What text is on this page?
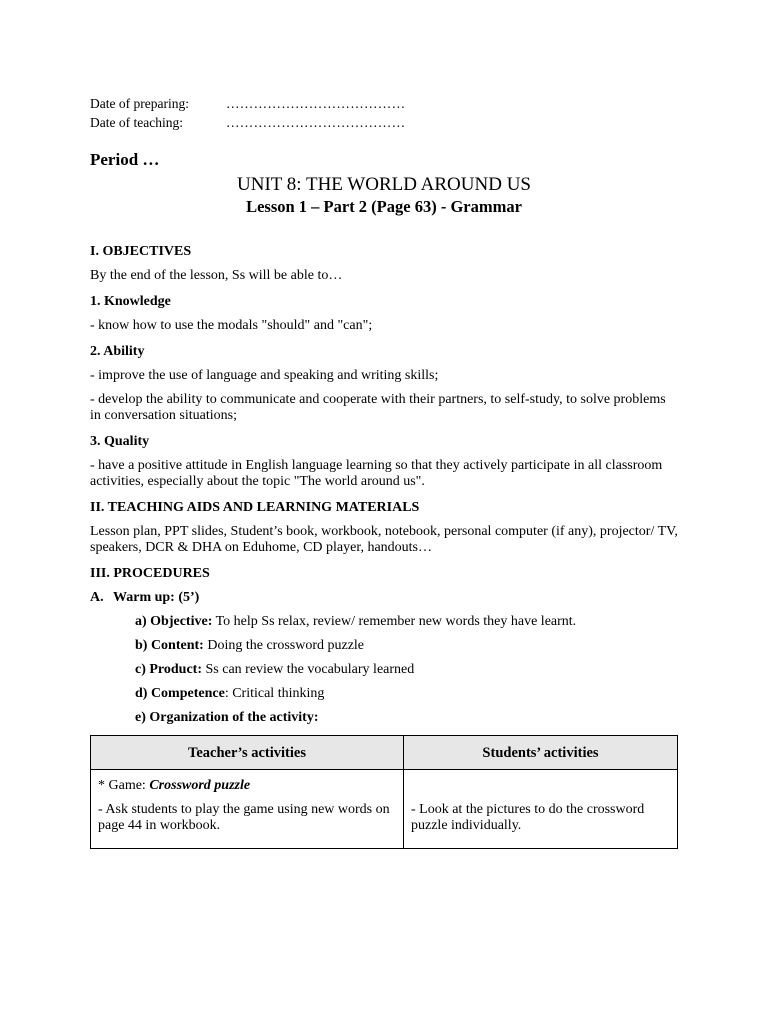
Date of preparing:	…………………………………
Date of teaching:	…………………………………
Period …
UNIT 8: THE WORLD AROUND US
Lesson 1 – Part 2 (Page 63) - Grammar
I. OBJECTIVES
By the end of the lesson, Ss will be able to…
1. Knowledge
- know how to use the modals "should" and "can";
2. Ability
- improve the use of language and speaking and writing skills;
- develop the ability to communicate and cooperate with their partners, to self-study, to solve problems in conversation situations;
3. Quality
- have a positive attitude in English language learning so that they actively participate in all classroom activities, especially about the topic "The world around us".
II. TEACHING AIDS AND LEARNING MATERIALS
Lesson plan, PPT slides, Student’s book, workbook, notebook, personal computer (if any), projector/ TV, speakers, DCR & DHA on Eduhome, CD player, handouts…
III. PROCEDURES
A. Warm up: (5’)
a) Objective: To help Ss relax, review/ remember new words they have learnt.
b) Content: Doing the crossword puzzle
c) Product: Ss can review the vocabulary learned
d) Competence: Critical thinking
e) Organization of the activity:
Teacher’s activities	Students’ activities

* Game: Crossword puzzle
- Ask students to play the game using new words on page 44 in workbook.	- Look at the pictures to do the crossword puzzle individually.
